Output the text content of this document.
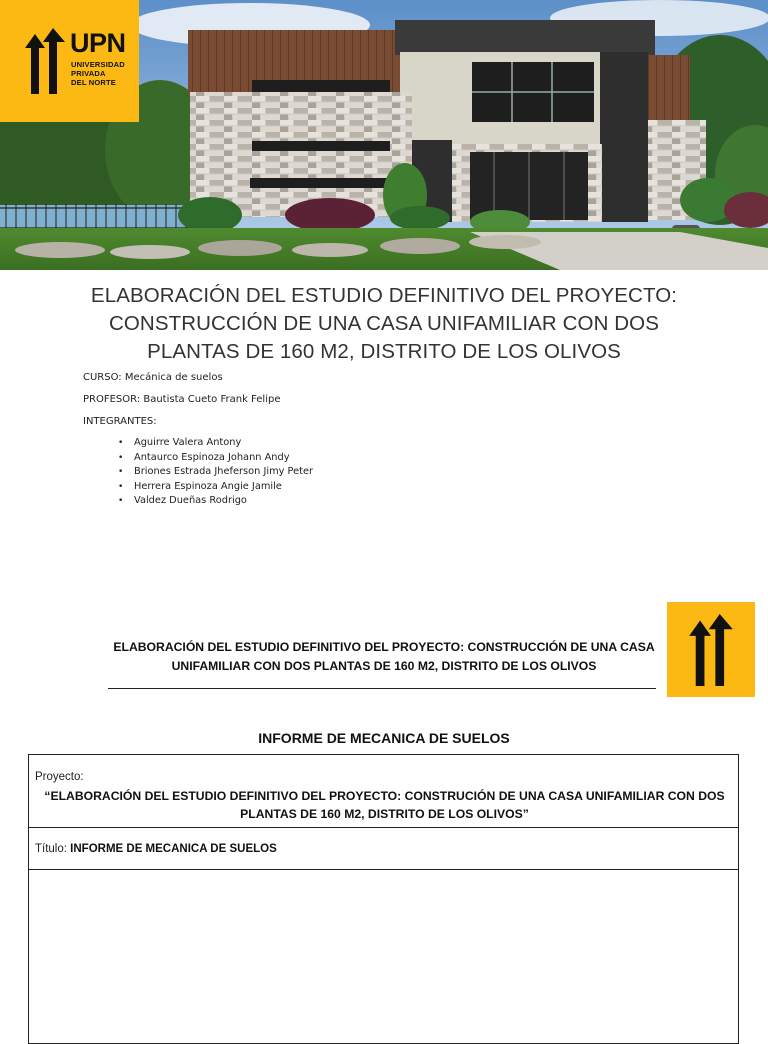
UPN
UNIVERSIDAD
PRIVADA
DEL NORTE
ELABORACIÓN DEL ESTUDIO DEFINITIVO DEL PROYECTO:
CONSTRUCCIÓN DE UNA CASA UNIFAMILIAR CON DOS
PLANTAS DE 160 M2, DISTRITO DE LOS OLIVOS
CURSO: Mecánica de suelos
PROFESOR: Bautista Cueto Frank Felipe
INTEGRANTES:
• Aguirre Valera Antony
• Antaurco Espinoza Johann Andy
• Briones Estrada Jheferson Jimy Peter
• Herrera Espinoza Angie Jamile
• Valdez Dueñas Rodrigo
ELABORACIÓN DEL ESTUDIO DEFINITIVO DEL PROYECTO: CONSTRUCCIÓN DE UNA CASA
UNIFAMILIAR CON DOS PLANTAS DE 160 M2, DISTRITO DE LOS OLIVOS
INFORME DE MECANICA DE SUELOS
Proyecto:
“ELABORACIÓN DEL ESTUDIO DEFINITIVO DEL PROYECTO: CONSTRUCIÓN DE UNA CASA UNIFAMILIAR CON DOS
PLANTAS DE 160 M2, DISTRITO DE LOS OLIVOS”
Título: INFORME DE MECANICA DE SUELOS
